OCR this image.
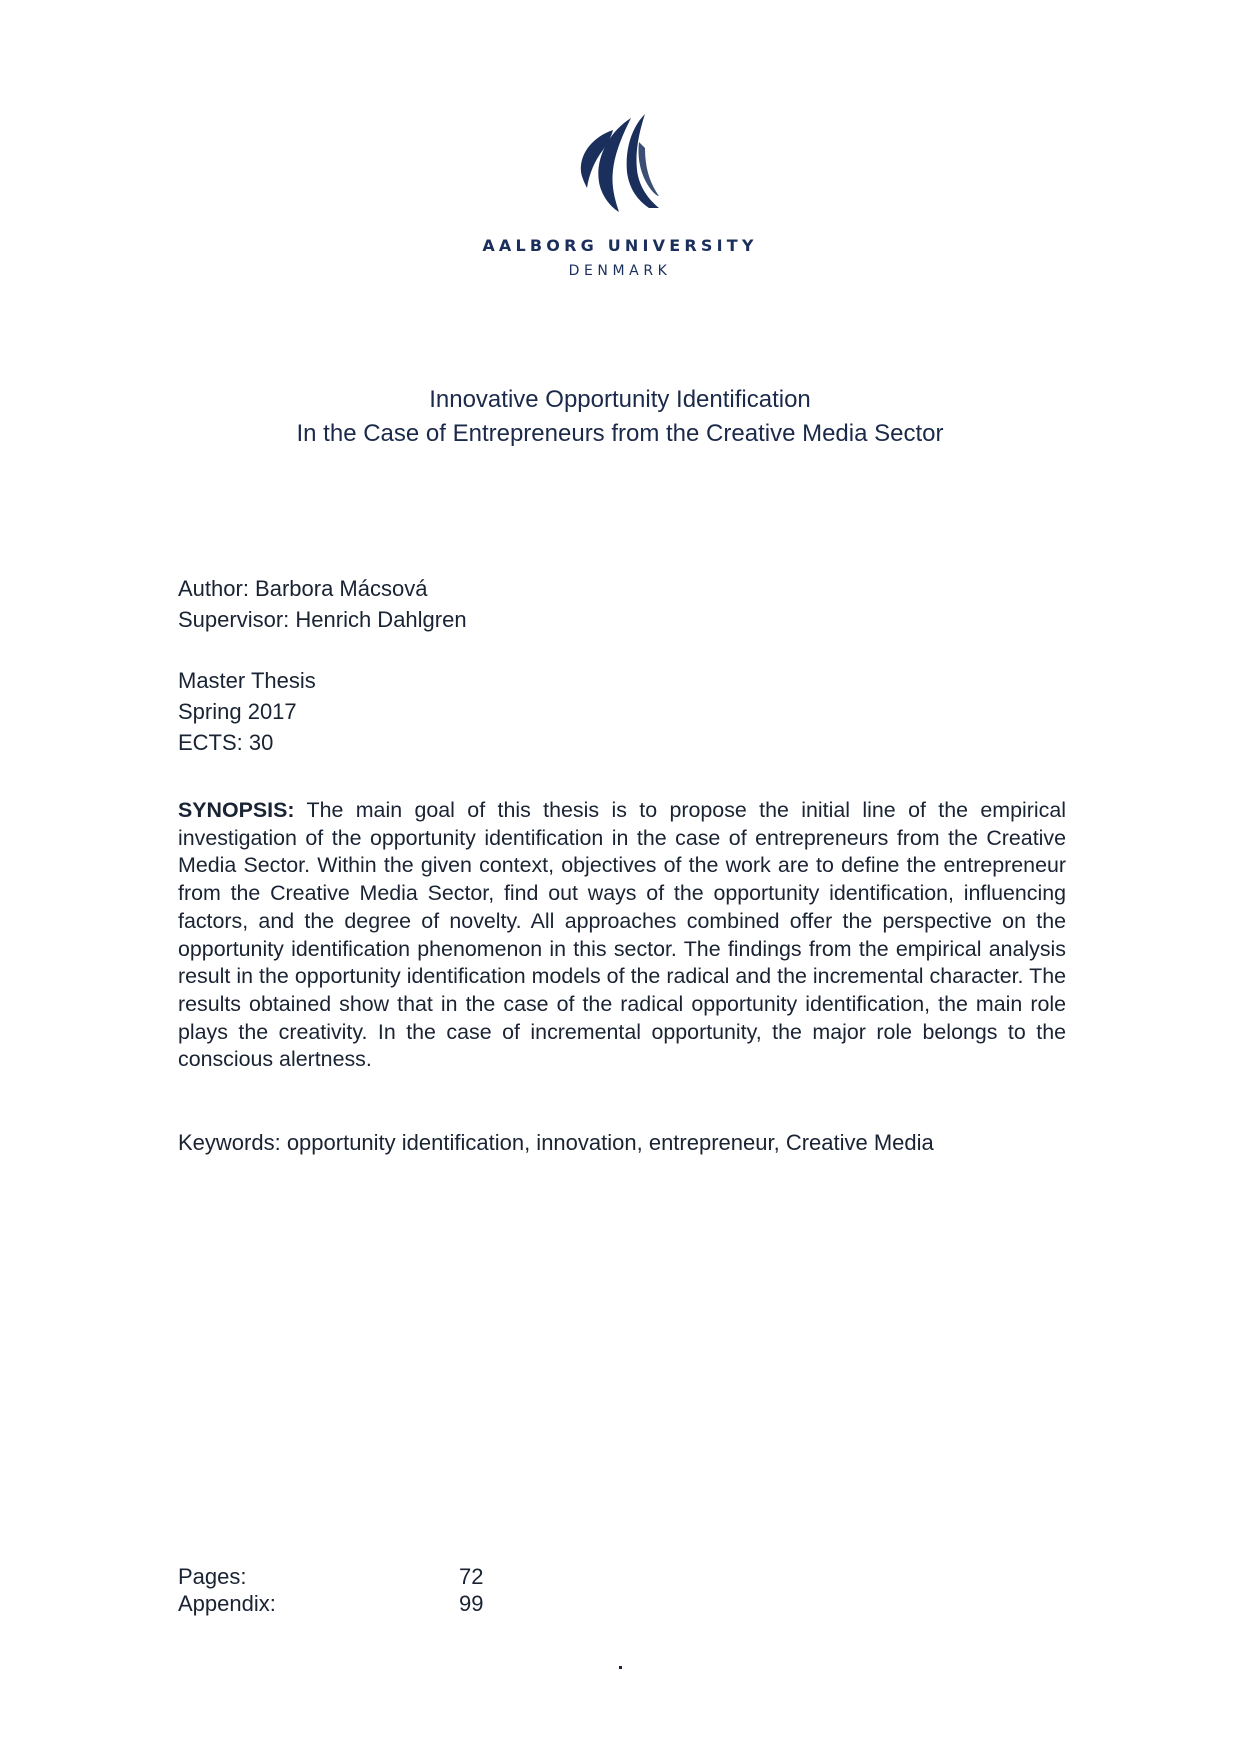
AALBORG UNIVERSITY
DENMARK
Innovative Opportunity Identification
In the Case of Entrepreneurs from the Creative Media Sector
Author: Barbora Mácsová
Supervisor: Henrich Dahlgren
Master Thesis
Spring 2017
ECTS: 30
SYNOPSIS: The main goal of this thesis is to propose the initial line of the empirical investigation of the opportunity identification in the case of entrepreneurs from the Creative Media Sector. Within the given context, objectives of the work are to define the entrepreneur from the Creative Media Sector, find out ways of the opportunity identification, influencing factors, and the degree of novelty. All approaches combined offer the perspective on the opportunity identification phenomenon in this sector. The findings from the empirical analysis result in the opportunity identification models of the radical and the incremental character. The results obtained show that in the case of the radical opportunity identification, the main role plays the creativity. In the case of incremental opportunity, the major role belongs to the conscious alertness.
Keywords: opportunity identification, innovation, entrepreneur, Creative Media
Pages:	72
Appendix:	99
